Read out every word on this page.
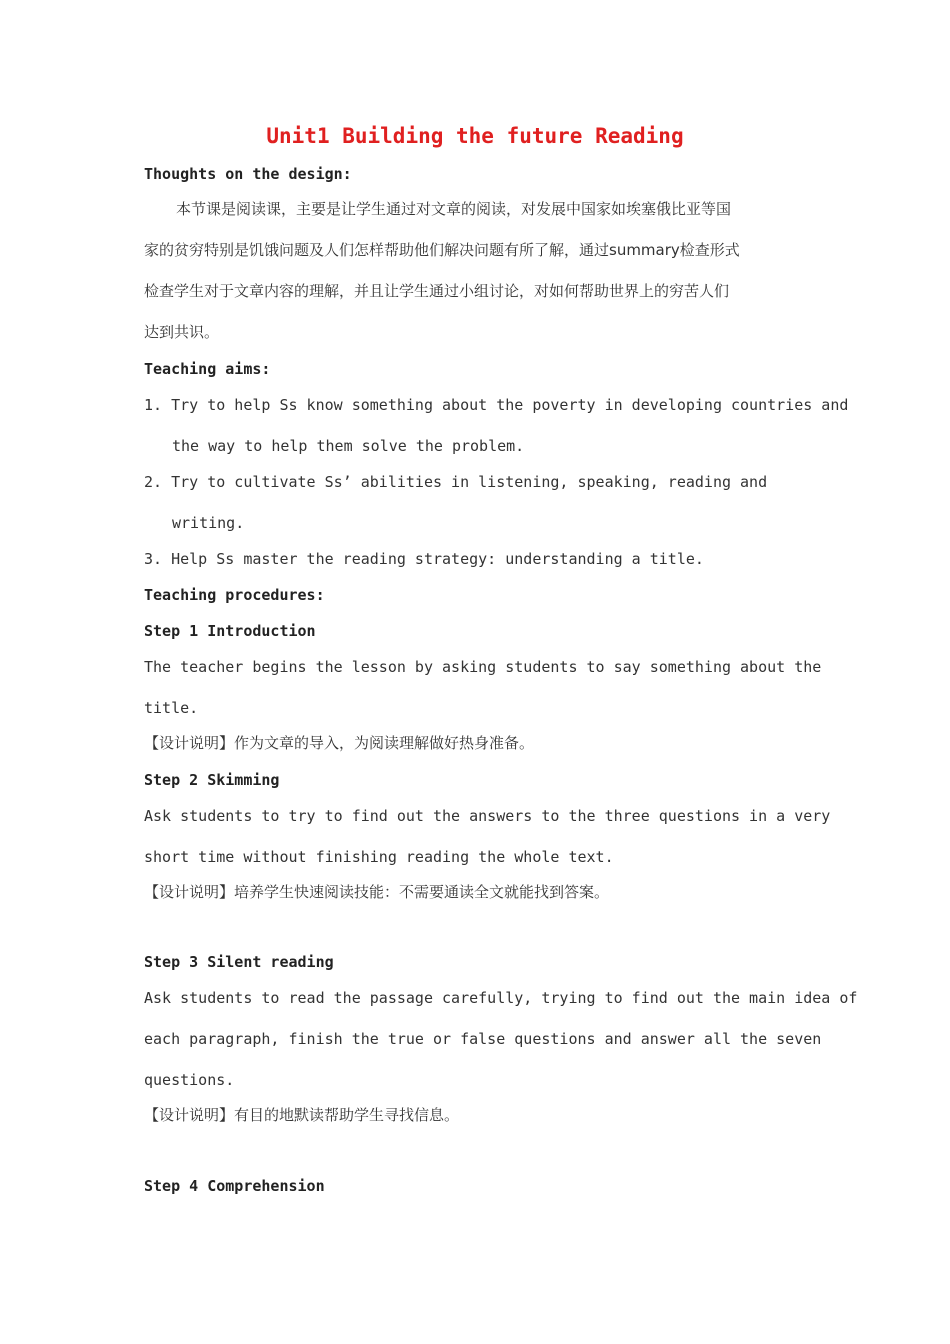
Unit1 Building the future Reading
Thoughts on the design:
本节课是阅读课，主要是让学生通过对文章的阅读，对发展中国家如埃塞俄比亚等国
家的贫穷特别是饥饿问题及人们怎样帮助他们解决问题有所了解，通过summary检查形式
检查学生对于文章内容的理解，并且让学生通过小组讨论，对如何帮助世界上的穷苦人们
达到共识。
Teaching aims:
1. Try to help Ss know something about the poverty in developing countries and
the way to help them solve the problem.
2. Try to cultivate Ss’ abilities in listening, speaking, reading and
writing.
3. Help Ss master the reading strategy: understanding a title.
Teaching procedures:
Step 1 Introduction
The teacher begins the lesson by asking students to say something about the
title.
【设计说明】作为文章的导入，为阅读理解做好热身准备。
Step 2 Skimming
Ask students to try to find out the answers to the three questions in a very
short time without finishing reading the whole text.
【设计说明】培养学生快速阅读技能：不需要通读全文就能找到答案。
Step 3 Silent reading
Ask students to read the passage carefully, trying to find out the main idea of
each paragraph, finish the true or false questions and answer all the seven
questions.
【设计说明】有目的地默读帮助学生寻找信息。
Step 4 Comprehension
